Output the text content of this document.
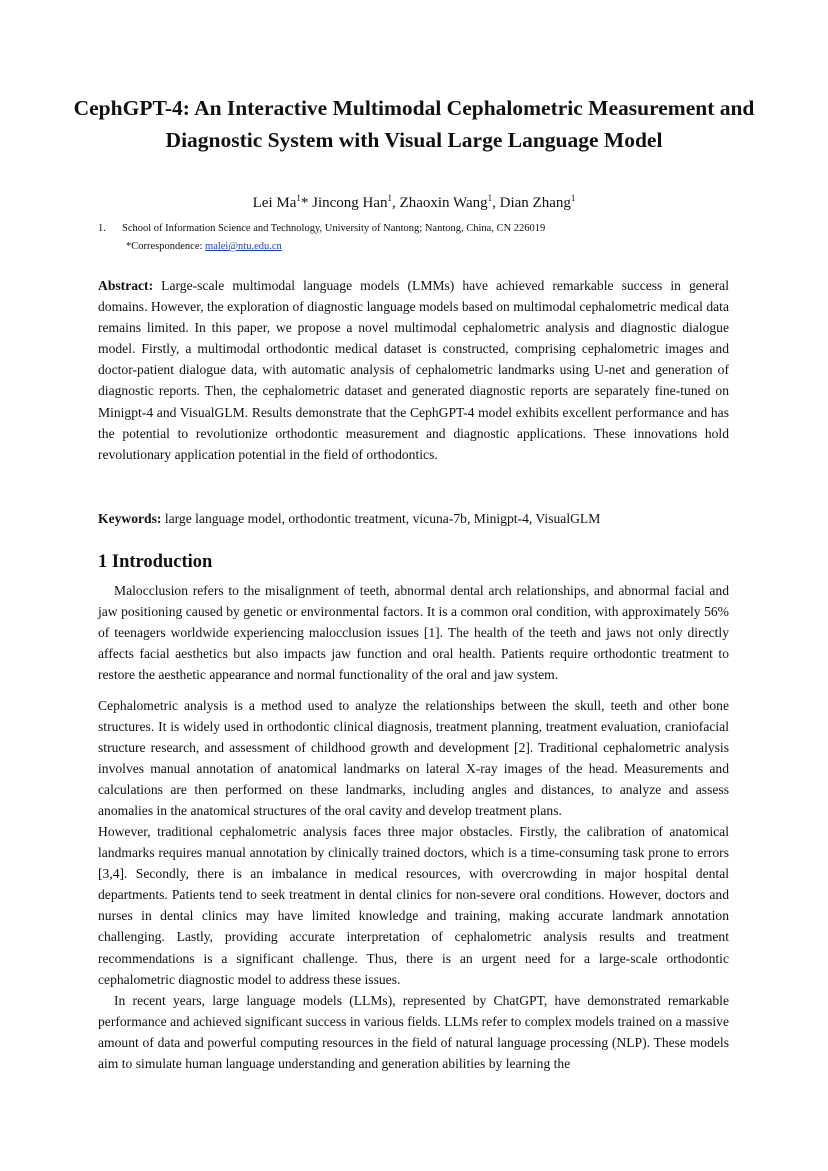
CephGPT-4: An Interactive Multimodal Cephalometric Measurement and Diagnostic System with Visual Large Language Model
Lei Ma$^1$* Jincong Han$^1$, Zhaoxin Wang$^1$, Dian Zhang$^1$
1. School of Information Science and Technology, University of Nantong; Nantong, China, CN 226019
*Correspondence: malei@ntu.edu.cn

Abstract: Large-scale multimodal language models (LMMs) have achieved remarkable success in general domains. However, the exploration of diagnostic language models based on multimodal cephalometric medical data remains limited. In this paper, we propose a novel multimodal cephalometric analysis and diagnostic dialogue model. Firstly, a multimodal orthodontic medical dataset is constructed, comprising cephalometric images and doctor-patient dialogue data, with automatic analysis of cephalometric landmarks using U-net and generation of diagnostic reports. Then, the cephalometric dataset and generated diagnostic reports are separately fine-tuned on Minigpt-4 and VisualGLM. Results demonstrate that the CephGPT-4 model exhibits excellent performance and has the potential to revolutionize orthodontic measurement and diagnostic applications. These innovations hold revolutionary application potential in the field of orthodontics.

Keywords: large language model, orthodontic treatment, vicuna-7b, Minigpt-4, VisualGLM

1 Introduction

Malocclusion refers to the misalignment of teeth, abnormal dental arch relationships, and abnormal facial and jaw positioning caused by genetic or environmental factors. It is a common oral condition, with approximately 56% of teenagers worldwide experiencing malocclusion issues [1]. The health of the teeth and jaws not only directly affects facial aesthetics but also impacts jaw function and oral health. Patients require orthodontic treatment to restore the aesthetic appearance and normal functionality of the oral and jaw system.

Cephalometric analysis is a method used to analyze the relationships between the skull, teeth and other bone structures. It is widely used in orthodontic clinical diagnosis, treatment planning, treatment evaluation, craniofacial structure research, and assessment of childhood growth and development [2]. Traditional cephalometric analysis involves manual annotation of anatomical landmarks on lateral X-ray images of the head. Measurements and calculations are then performed on these landmarks, including angles and distances, to analyze and assess anomalies in the anatomical structures of the oral cavity and develop treatment plans.

However, traditional cephalometric analysis faces three major obstacles. Firstly, the calibration of anatomical landmarks requires manual annotation by clinically trained doctors, which is a time-consuming task prone to errors [3,4]. Secondly, there is an imbalance in medical resources, with overcrowding in major hospital dental departments. Patients tend to seek treatment in dental clinics for non-severe oral conditions. However, doctors and nurses in dental clinics may have limited knowledge and training, making accurate landmark annotation challenging. Lastly, providing accurate interpretation of cephalometric analysis results and treatment recommendations is a significant challenge. Thus, there is an urgent need for a large-scale orthodontic cephalometric diagnostic model to address these issues.

In recent years, large language models (LLMs), represented by ChatGPT, have demonstrated remarkable performance and achieved significant success in various fields. LLMs refer to complex models trained on a massive amount of data and powerful computing resources in the field of natural language processing (NLP). These models aim to simulate human language understanding and generation abilities by learning the
